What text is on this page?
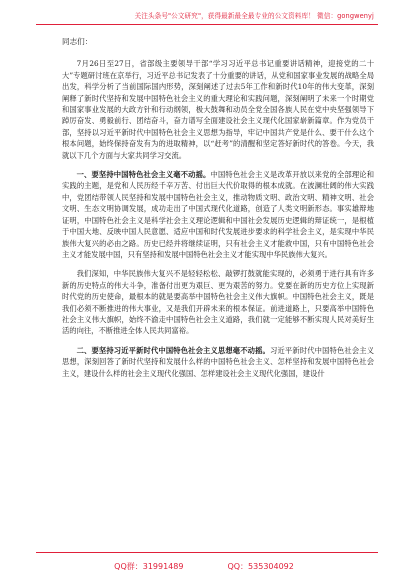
关注头条号"公文研究"，获得最新最全最专业的公文资料库！ 微信：gongwenyj
同志们：

7月26日至27日，省部级主要领导干部“学习习近平总书记重要讲话精神，迎接党的二十大”专题研讨班在京举行，习近平总书记发表了十分重要的讲话，从党和国家事业发展的战略全局出发，科学分析了当前国际国内形势，深刻阐述了过去5年工作和新时代10年的伟大变革，深刻阐释了新时代坚持和发展中国特色社会主义的重大理论和实践问题，深刻阐明了未来一个时期党和国家事业发展的大政方针和行动纲领，极大鼓舞和动员全党全国各族人民在党中央坚强领导下踔厉奋发、勇毅前行、团结奋斗，奋力谱写全面建设社会主义现代化国家崭新篇章。作为党员干部，坚持以习近平新时代中国特色社会主义思想为指导，牢记中国共产党是什么、要干什么这个根本问题，始终保持奋发有为的进取精神，以“赶考”的清醒和坚定答好新时代的答卷。今天，我就以下几个方面与大家共同学习交流。

一、要坚持中国特色社会主义毫不动摇。中国特色社会主义是改革开放以来党的全部理论和实践的主题，是党和人民历经千辛万苦、付出巨大代价取得的根本成就。在波澜壮阔的伟大实践中，党团结带领人民坚持和发展中国特色社会主义，推动物质文明、政治文明、精神文明、社会文明、生态文明协调发展，成功走出了中国式现代化道路，创造了人类文明新形态。事实雄辩地证明，中国特色社会主义是科学社会主义理论逻辑和中国社会发展历史逻辑的辩证统一，是根植于中国大地、反映中国人民意愿、适应中国和时代发展进步要求的科学社会主义，是实现中华民族伟大复兴的必由之路。历史已经并将继续证明，只有社会主义才能救中国，只有中国特色社会主义才能发展中国，只有坚持和发展中国特色社会主义才能实现中华民族伟大复兴。

我们深知，中华民族伟大复兴不是轻轻松松、敲锣打鼓就能实现的，必须勇于进行具有许多新的历史特点的伟大斗争，准备付出更为艰巨、更为艰苦的努力。党要在新的历史方位上实现新时代党的历史使命，最根本的就是要高举中国特色社会主义伟大旗帜。中国特色社会主义，既是我们必须不断推进的伟大事业，又是我们开辟未来的根本保证。前进道路上，只要高举中国特色社会主义伟大旗帜，始终不渝走中国特色社会主义道路，我们就一定能够不断实现人民对美好生活的向往，不断推进全体人民共同富裕。

二、要坚持习近平新时代中国特色社会主义思想毫不动摇。习近平新时代中国特色社会主义思想，深刻回答了新时代坚持和发展什么样的中国特色社会主义、怎样坚持和发展中国特色社会主义，建设什么样的社会主义现代化强国、怎样建设社会主义现代化强国，建设什

QQ群：31991489	QQ：535304092
